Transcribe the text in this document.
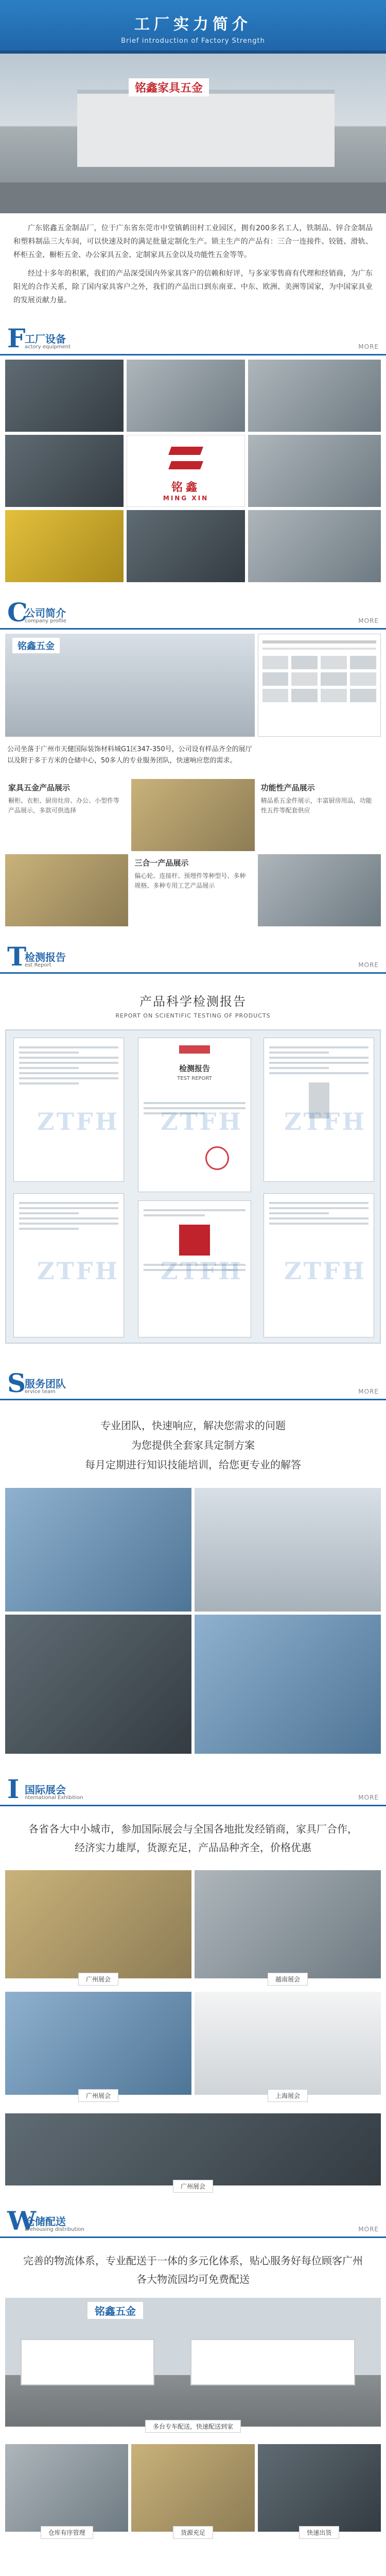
工厂实力简介
Brief introduction of Factory Strength
铭鑫家具五金

广东铭鑫五金制品厂，位于广东省东莞市中堂镇鹤田村工业园区，拥有200多名工人，铁制品、锌合金制品和塑料制品三大车间，可以快速及时的满足批量定制化生产。锁主生产的产品有：三合一连接件、铰链、滑轨、杯柜五金、橱柜五金、办公家具五金、定制家具五金以及功能性五金等等。

经过十多年的积累，我们的产品深受国内外家具客户的信赖和好评，与多家零售商有代理和经销商，为广东阳光的合作关系，除了国内家具客户之外，我们的产品出口到东南亚、中东、欧洲、美洲等国家，为中国家具业的发展贡献力量。

F
工厂设备
actory equipment	MORE
铭鑫
MING XIN
C
公司简介
company profile	MORE
铭鑫五金
公司坐落于广州市天健国际装饰材料城G1区347-350号，公司设有样品齐全的展厅以及附于多于方米的仓储中心，50多人的专业服务团队，快速响应您的需求。
家具五金产品展示
橱柜、衣柜、厨房灶房、办公、小型件等产品展示，多款可供选择
功能性产品展示
精品系五金件展示，丰富厨房用品，功能性五件等配套供应
三合一产品展示
偏心轮、连接杆、预埋件等种型号、多种规格、多种专用工艺产品展示
T
检测报告
est Report	MORE
产品科学检测报告
REPORT ON SCIENTIFIC TESTING OF PRODUCTS
检测报告
TEST REPORT
ZTFH ZTFH ZTFH
ZTFH ZTFH ZTFH
S
服务团队
ervice team	MORE
专业团队，快速响应，解决您需求的问题
为您提供全套家具定制方案
每月定期进行知识技能培训，给您更专业的解答
I 国际展会
nternational Exhibition	MORE
各省各大中小城市，参加国际展会与全国各地批发经销商，家具厂合作，经济实力雄厚，货源充足，产品品种齐全，价格优惠
广州展会	越南展会
广州展会	上海展会
广州展会
W
仓储配送
arehousing distribution	MORE
完善的物流体系，专业配送于一体的多元化体系，贴心服务好每位顾客广州各大物流园均可免费配送
铭鑫五金
多台专车配送，快速配送到家
仓库有序管理	货源充足	快速出货
